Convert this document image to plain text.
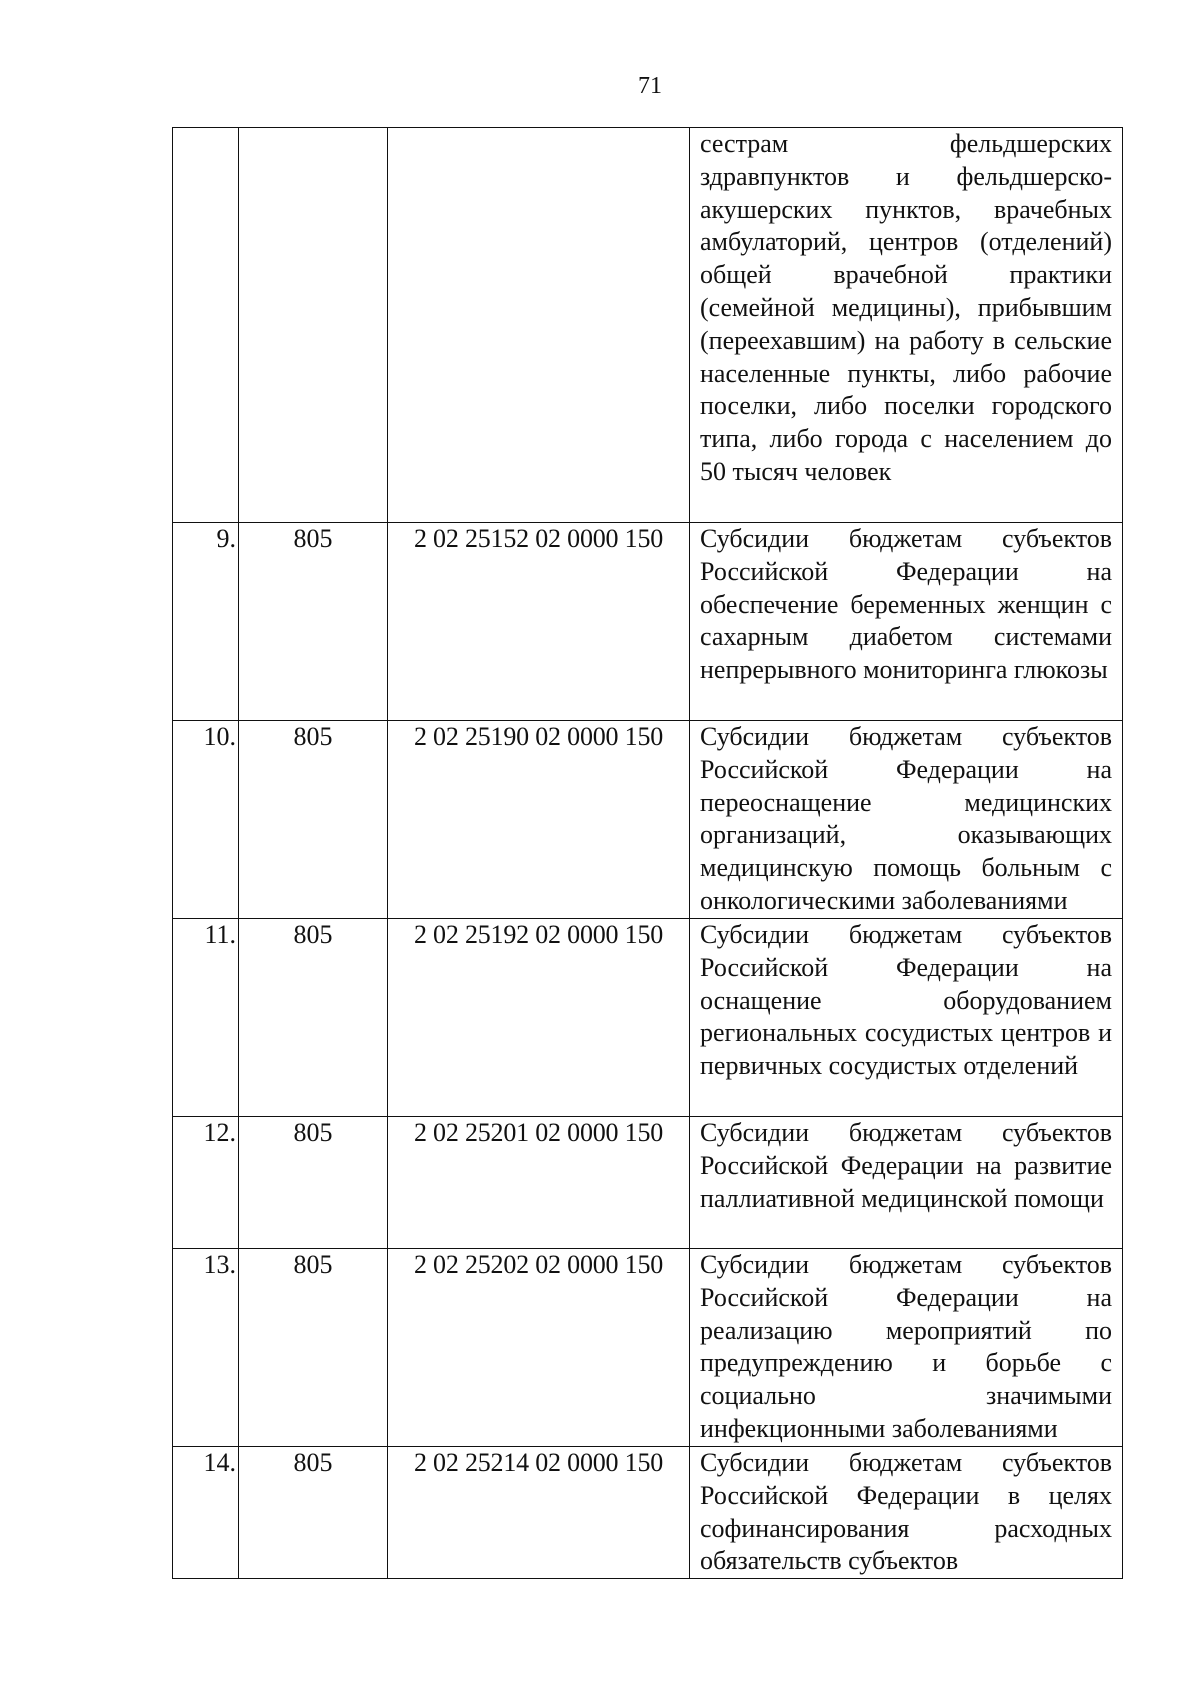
71
			сестрам фельдшерских здравпунктов и фельдшерско-акушерских пунктов, врачебных амбулаторий, центров (отделений) общей врачебной практики (семейной медицины), прибывшим (переехавшим) на работу в сельские населенные пункты, либо рабочие поселки, либо поселки городского типа, либо города с населением до 50 тысяч человек
9.	805	2 02 25152 02 0000 150	Субсидии бюджетам субъектов Российской Федерации на обеспечение беременных женщин с сахарным диабетом системами непрерывного мониторинга глюкозы
10.	805	2 02 25190 02 0000 150	Субсидии бюджетам субъектов Российской Федерации на переоснащение медицинских организаций, оказывающих медицинскую помощь больным с онкологическими заболеваниями
11.	805	2 02 25192 02 0000 150	Субсидии бюджетам субъектов Российской Федерации на оснащение оборудованием региональных сосудистых центров и первичных сосудистых отделений
12.	805	2 02 25201 02 0000 150	Субсидии бюджетам субъектов Российской Федерации на развитие паллиативной медицинской помощи
13.	805	2 02 25202 02 0000 150	Субсидии бюджетам субъектов Российской Федерации на реализацию мероприятий по предупреждению и борьбе с социально значимыми инфекционными заболеваниями
14.	805	2 02 25214 02 0000 150	Субсидии бюджетам субъектов Российской Федерации в целях софинансирования расходных обязательств субъектов
